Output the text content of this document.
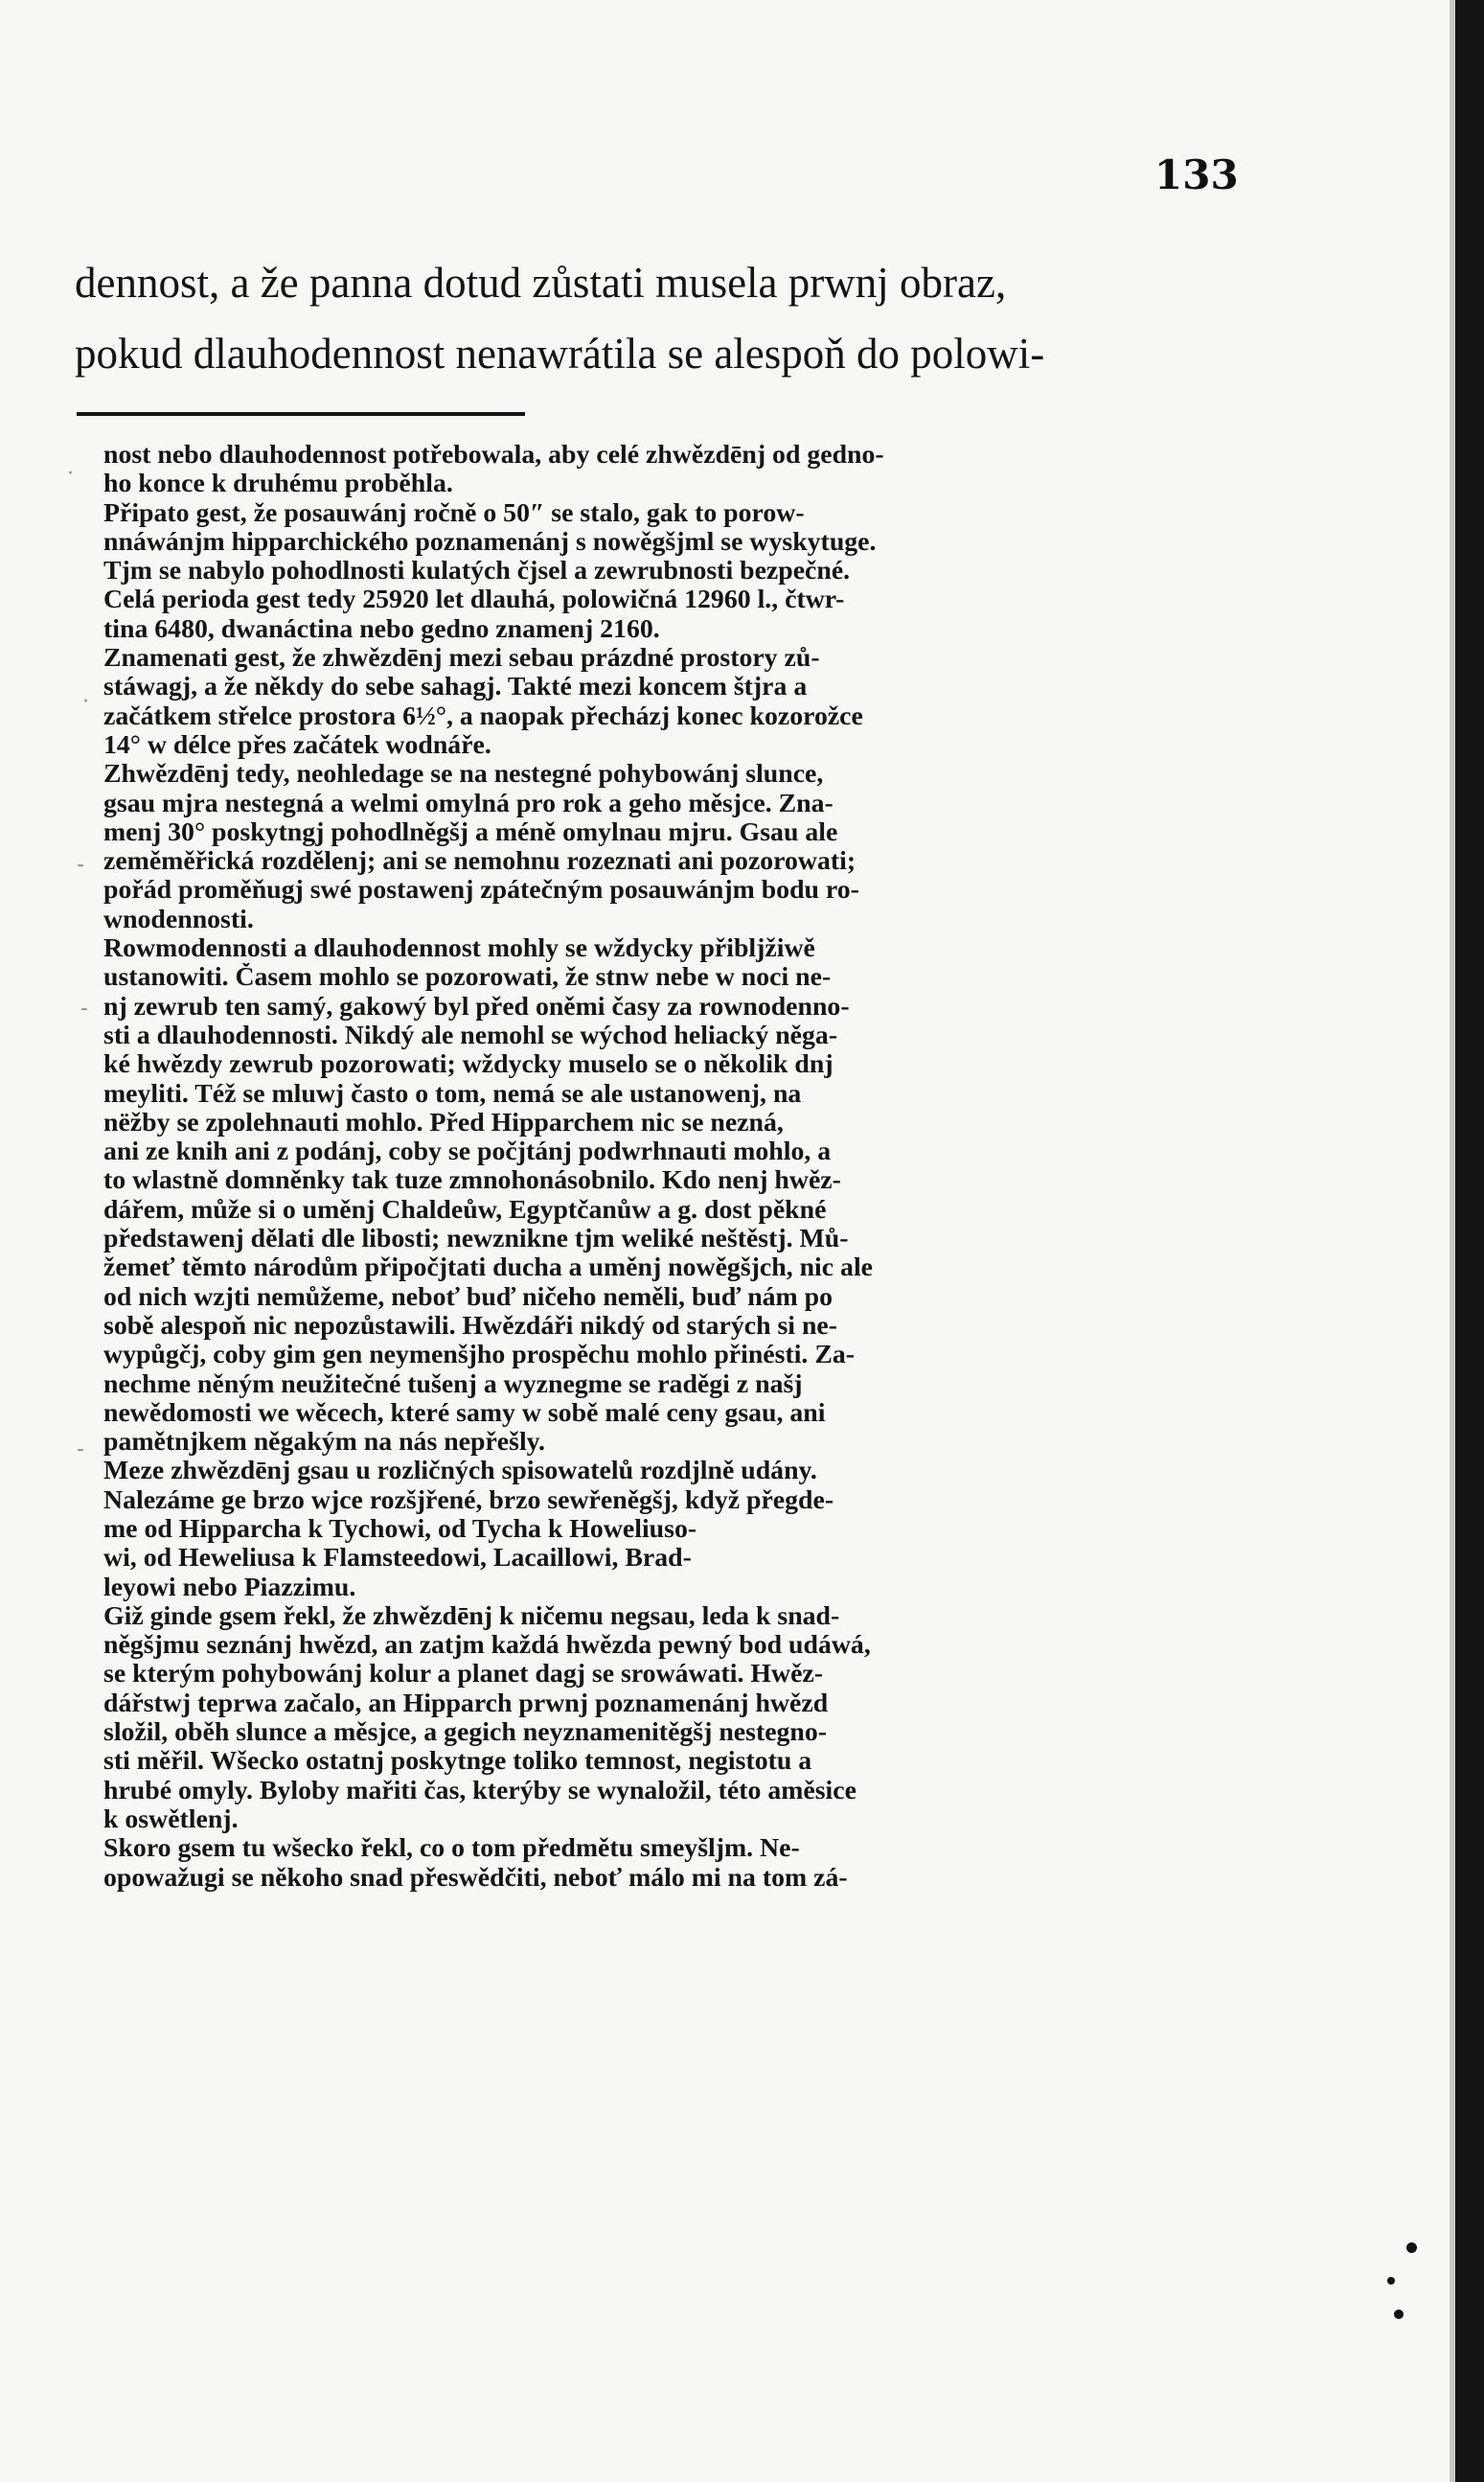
133
dennost, a že panna dotud zůstati musela prwnj obraz,
pokud dlauhodennost nenawrátila se alespoň do polowi-
nost nebo dlauhodennost potřebowala, aby celé zhwězdēnj od gedno-
ho konce k druhému proběhla.
Připato gest, že posauwánj ročně o 50″ se stalo, gak to porow-
nnáwánjm hipparchického poznamenánj s nowěgšjml se wyskytuge.
Tjm se nabylo pohodlnosti kulatých čjsel a zewrubnosti bezpečné.
Celá perioda gest tedy 25920 let dlauhá, polowičná 12960 l., čtwr-
tina 6480, dwanáctina nebo gedno znamenj 2160.
Znamenati gest, že zhwězdēnj mezi sebau prázdné prostory zů-
stáwagj, a že někdy do sebe sahagj. Takté mezi koncem štjra a
začátkem střelce prostora 6½°, a naopak přecházj konec kozorožce
14° w délce přes začátek wodnáře.
Zhwězdēnj tedy, neohledage se na nestegné pohybowánj slunce,
gsau mjra nestegná a welmi omylná pro rok a geho měsjce. Zna-
menj 30° poskytngj pohodlněgšj a méně omylnau mjru. Gsau ale
zeměměřická rozdělenj; ani se nemohnu rozeznati ani pozorowati;
pořád proměňugj swé postawenj zpátečným posauwánjm bodu ro-
wnodennosti.
Rowmodennosti a dlauhodennost mohly se wždycky přibljžiwě
ustanowiti. Časem mohlo se pozorowati, že stnw nebe w noci ne-
nj zewrub ten samý, gakowý byl před oněmi časy za rownodenno-
sti a dlauhodennosti. Nikdý ale nemohl se wýchod heliacký něga-
ké hwězdy zewrub pozorowati; wždycky muselo se o několik dnj
meyliti. Též se mluwj často o tom, nemá se ale ustanowenj, na
nëžby se zpolehnauti mohlo. Před Hipparchem nic se nezná,
ani ze knih ani z podánj, coby se počjtánj podwrhnauti mohlo, a
to wlastně domněnky tak tuze zmnohonásobnilo. Kdo nenj hwěz-
dářem, může si o uměnj Chaldeůw, Egyptčanůw a g. dost pěkné
předstawenj dělati dle libosti; newznikne tjm weliké neštěstj. Mů-
žemeť těmto národům připočjtati ducha a uměnj nowěgšjch, nic ale
od nich wzjti nemůžeme, neboť buď ničeho neměli, buď nám po
sobě alespoň nic nepozůstawili. Hwězdáři nikdý od starých si ne-
wypůgčj, coby gim gen neymenšjho prospěchu mohlo přinésti. Za-
nechme něným neužitečné tušenj a wyznegme se raděgi z našj
newědomosti we wěcech, které samy w sobě malé ceny gsau, ani
pamětnjkem něgakým na nás nepřešly.
Meze zhwězdēnj gsau u rozličných spisowatelů rozdjlně udány.
Nalezáme ge brzo wjce rozšjřené, brzo sewřeněgšj, když přegde-
me od Hipparcha k Tychowi, od Tycha k Howeliuso-
wi, od Heweliusa k Flamsteedowi, Lacaillowi, Brad-
leyowi nebo Piazzimu.
Giž ginde gsem řekl, že zhwězdēnj k ničemu negsau, leda k snad-
něgšjmu seznánj hwězd, an zatjm každá hwězda pewný bod udáwá,
se kterým pohybowánj kolur a planet dagj se srowáwati. Hwěz-
dářstwj teprwa začalo, an Hipparch prwnj poznamenánj hwězd
složil, oběh slunce a měsjce, a gegich neyznamenitěgšj nestegno-
sti měřil. Wšecko ostatnj poskytnge toliko temnost, negistotu a
hrubé omyly. Byloby mařiti čas, kterýby se wynaložil, této aměsice
k oswětlenj.
Skoro gsem tu wšecko řekl, co o tom předmětu smeyšljm. Ne-
opowažugi se někoho snad přeswědčiti, neboť málo mi na tom zá-
·
·
-
-
-
